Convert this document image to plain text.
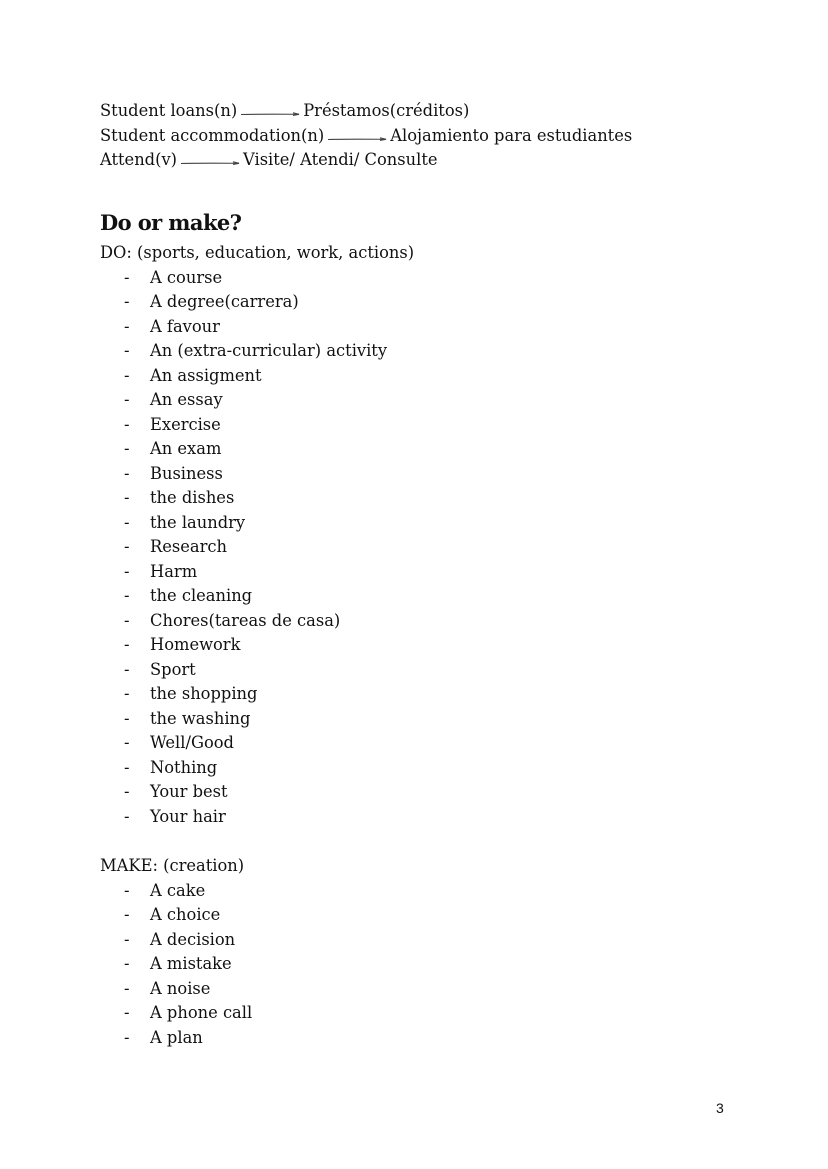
Student loans(n)	Préstamos(créditos)
Student accommodation(n)	Alojamiento para estudiantes
Attend(v)	Visite/ Atendi/ Consulte
Do or make?
DO: (sports, education, work, actions)
- A course
- A degree(carrera)
- A favour
- An (extra-curricular) activity
- An assigment
- An essay
- Exercise
- An exam
- Business
- the dishes
- the laundry
- Research
- Harm
- the cleaning
- Chores(tareas de casa)
- Homework
- Sport
- the shopping
- the washing
- Well/Good
- Nothing
- Your best
- Your hair
MAKE: (creation)
- A cake
- A choice
- A decision
- A mistake
- A noise
- A phone call
- A plan
3
